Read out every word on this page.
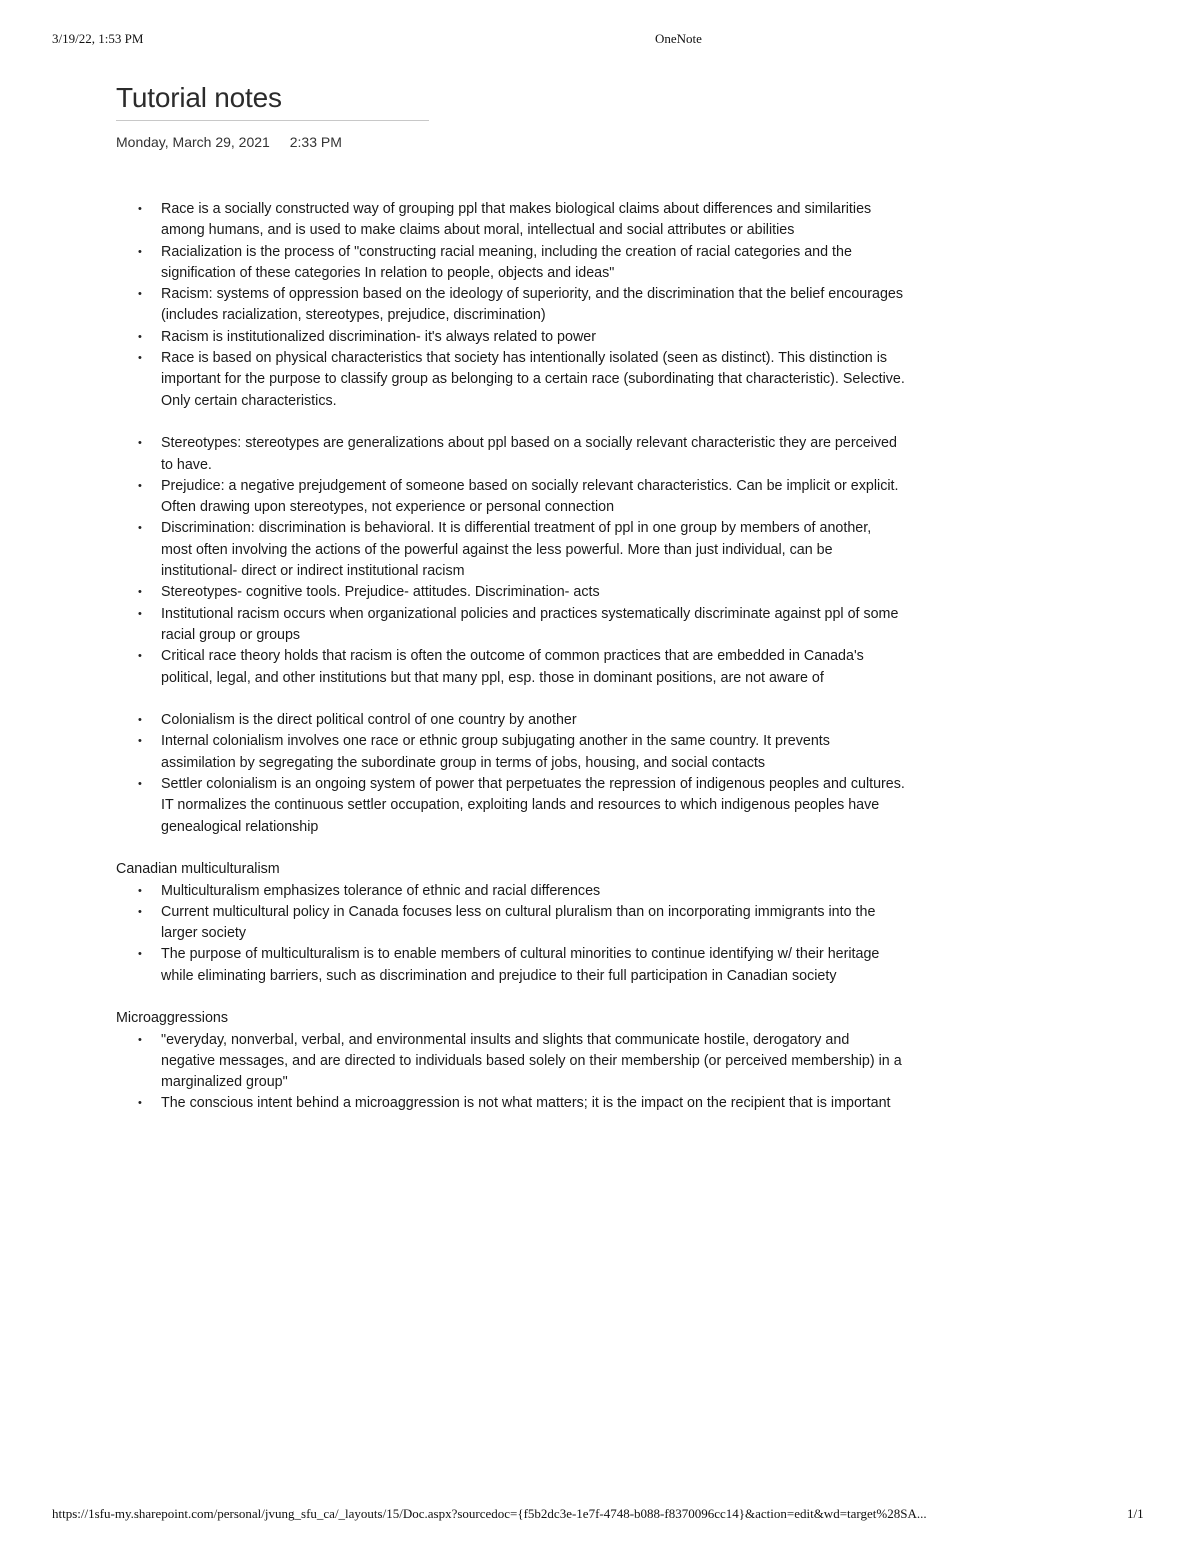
3/19/22, 1:53 PM	OneNote
Tutorial notes
Monday, March 29, 2021 2:33 PM
• Race is a socially constructed way of grouping ppl that makes biological claims about differences and similarities among humans, and is used to make claims about moral, intellectual and social attributes or abilities
• Racialization is the process of "constructing racial meaning, including the creation of racial categories and the signification of these categories In relation to people, objects and ideas"
• Racism: systems of oppression based on the ideology of superiority, and the discrimination that the belief encourages (includes racialization, stereotypes, prejudice, discrimination)
• Racism is institutionalized discrimination- it's always related to power
• Race is based on physical characteristics that society has intentionally isolated (seen as distinct). This distinction is important for the purpose to classify group as belonging to a certain race (subordinating that characteristic). Selective. Only certain characteristics.
• Stereotypes: stereotypes are generalizations about ppl based on a socially relevant characteristic they are perceived to have.
• Prejudice: a negative prejudgement of someone based on socially relevant characteristics. Can be implicit or explicit. Often drawing upon stereotypes, not experience or personal connection
• Discrimination: discrimination is behavioral. It is differential treatment of ppl in one group by members of another, most often involving the actions of the powerful against the less powerful. More than just individual, can be institutional- direct or indirect institutional racism
• Stereotypes- cognitive tools. Prejudice- attitudes. Discrimination- acts
• Institutional racism occurs when organizational policies and practices systematically discriminate against ppl of some racial group or groups
• Critical race theory holds that racism is often the outcome of common practices that are embedded in Canada's political, legal, and other institutions but that many ppl, esp. those in dominant positions, are not aware of
• Colonialism is the direct political control of one country by another
• Internal colonialism involves one race or ethnic group subjugating another in the same country. It prevents assimilation by segregating the subordinate group in terms of jobs, housing, and social contacts
• Settler colonialism is an ongoing system of power that perpetuates the repression of indigenous peoples and cultures. IT normalizes the continuous settler occupation, exploiting lands and resources to which indigenous peoples have genealogical relationship

Canadian multiculturalism

• Multiculturalism emphasizes tolerance of ethnic and racial differences
• Current multicultural policy in Canada focuses less on cultural pluralism than on incorporating immigrants into the larger society
• The purpose of multiculturalism is to enable members of cultural minorities to continue identifying w/ their heritage while eliminating barriers, such as discrimination and prejudice to their full participation in Canadian society

Microaggressions

• "everyday, nonverbal, verbal, and environmental insults and slights that communicate hostile, derogatory and negative messages, and are directed to individuals based solely on their membership (or perceived membership) in a marginalized group"
• The conscious intent behind a microaggression is not what matters; it is the impact on the recipient that is important
https://1sfu-my.sharepoint.com/personal/jvung_sfu_ca/_layouts/15/Doc.aspx?sourcedoc={f5b2dc3e-1e7f-4748-b088-f8370096cc14}&action=edit&wd=target%28SA...	1/1
